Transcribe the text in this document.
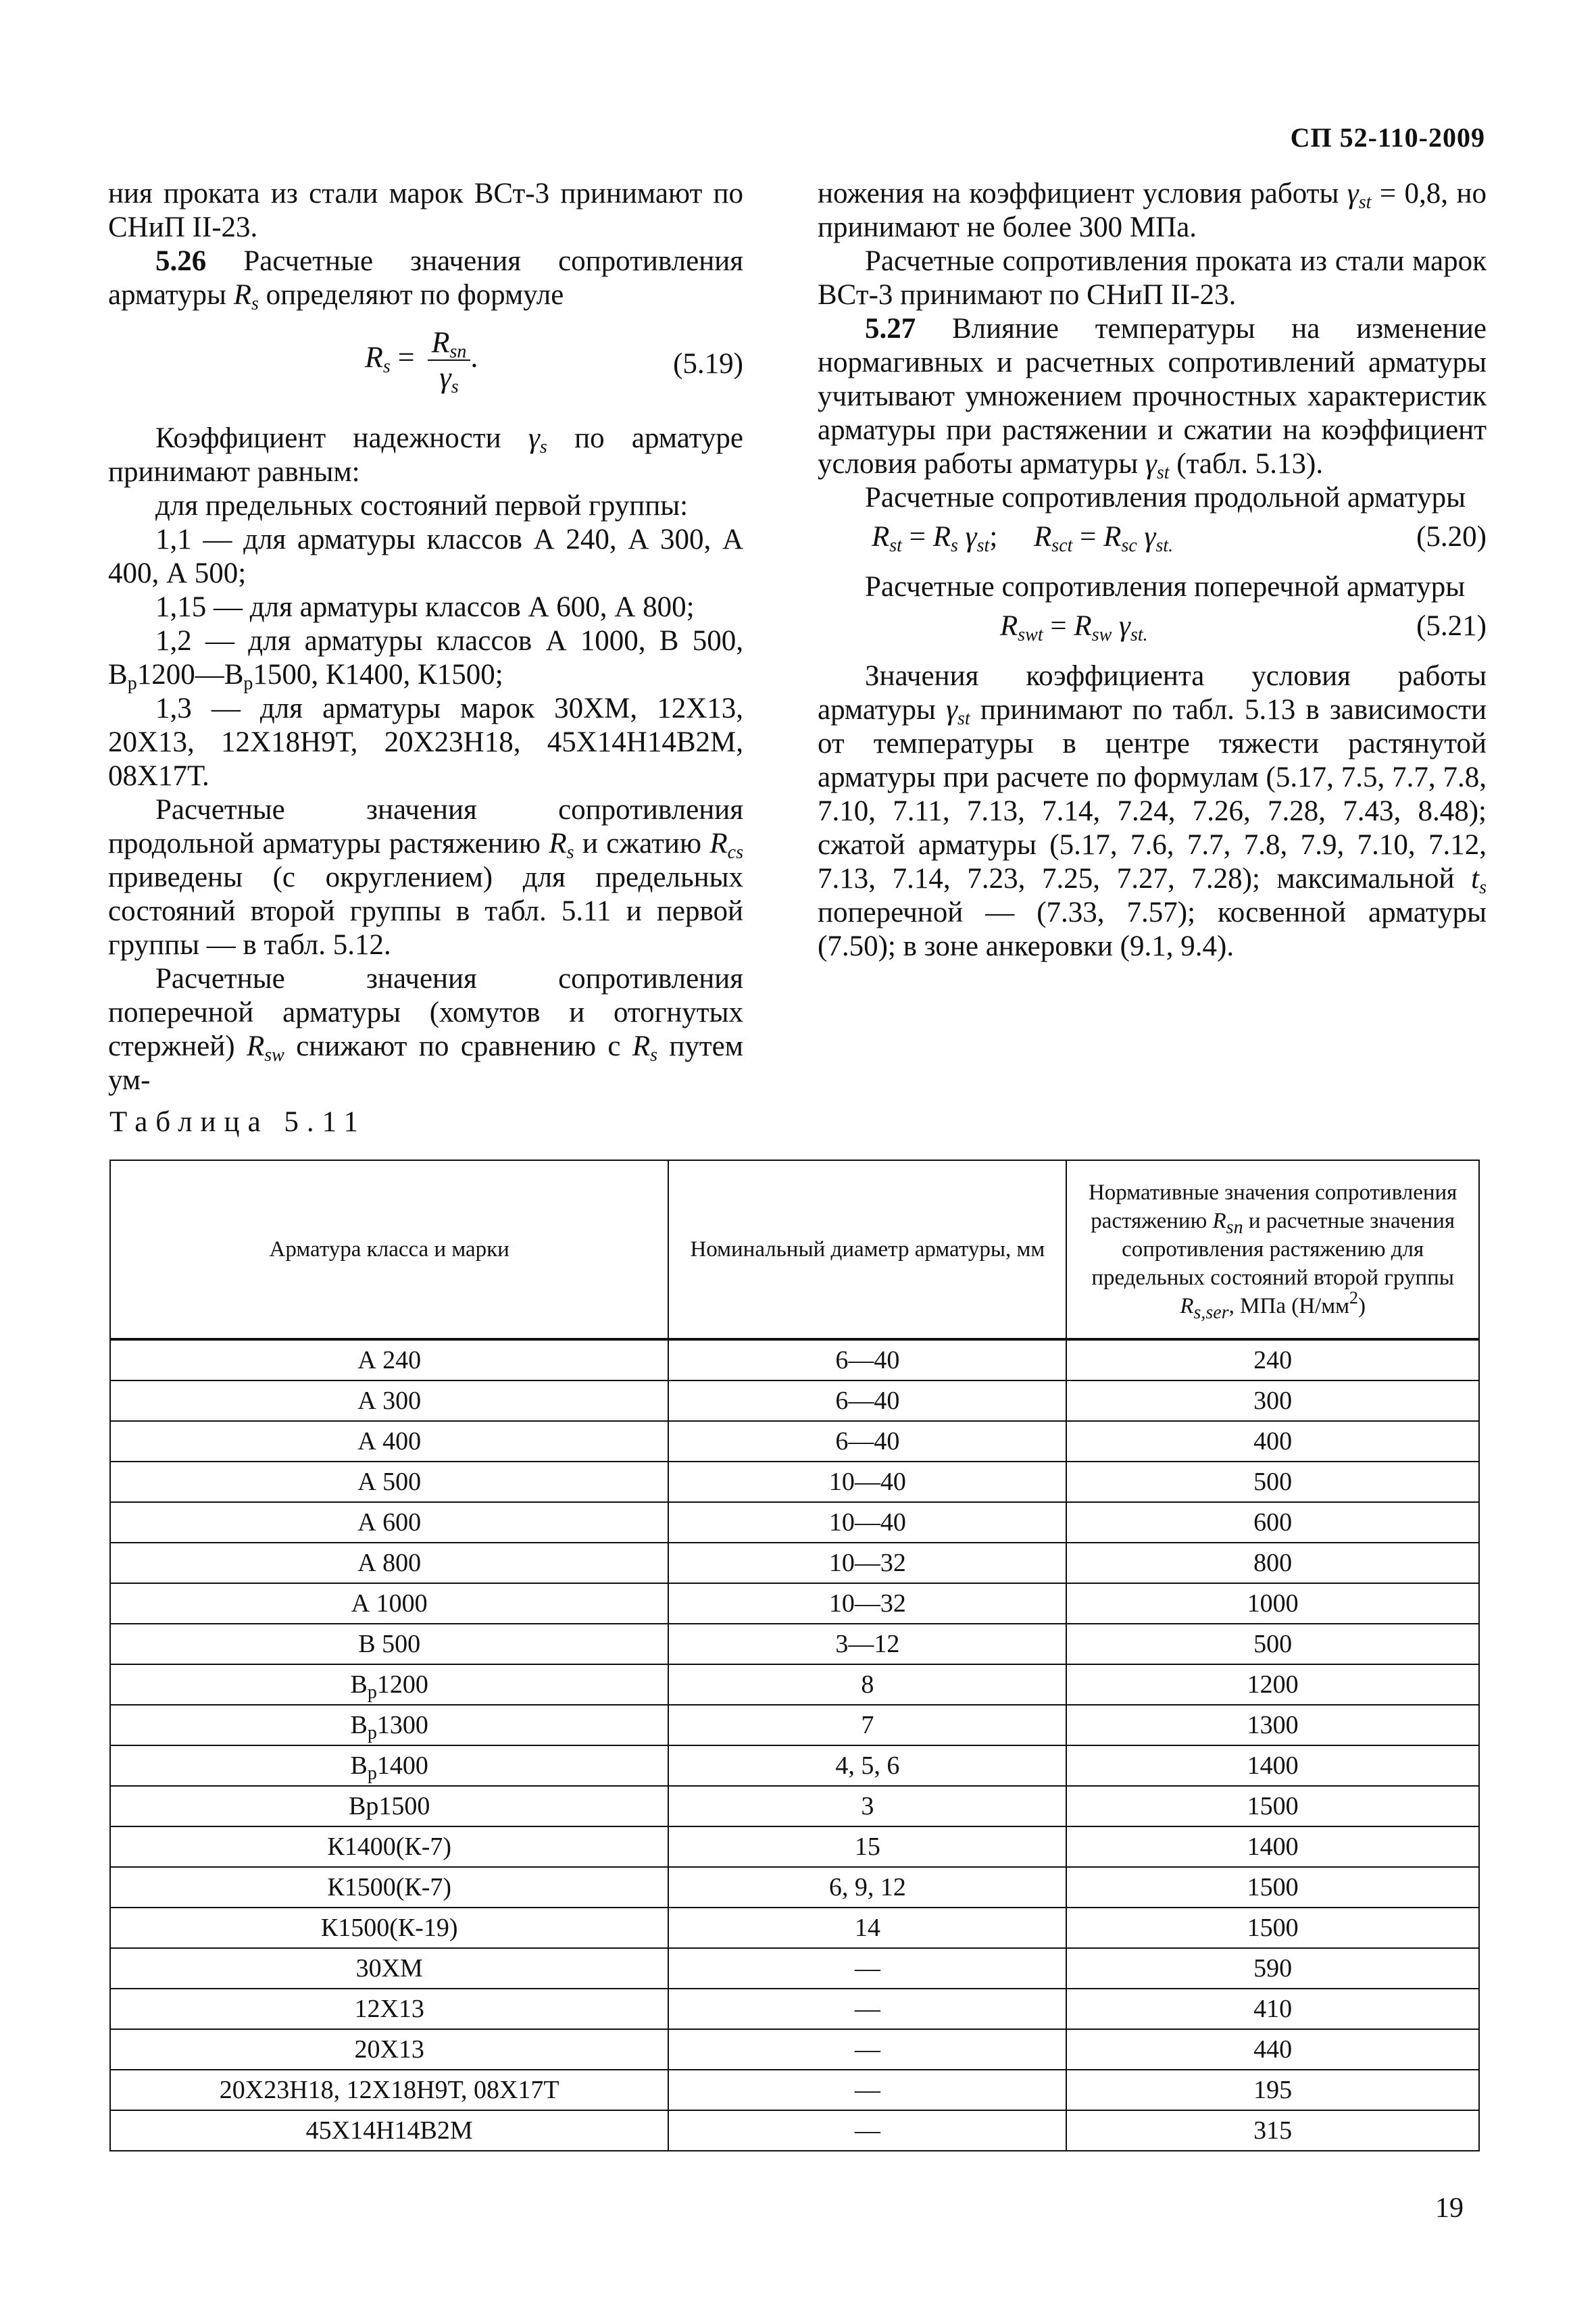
СП 52-110-2009

ния проката из стали марок ВСт-3 принимают по СНиП II-23.

5.26 Расчетные значения сопротивления арматуры $R_s$ определяют по формуле

$R_s = \frac{R_{sn}}{\gamma_s}$ .	(5.19)

Коэффициент надежности $\gamma_s$ по арматуре принимают равным:

для предельных состояний первой группы:

1,1 — для арматуры классов А 240, А 300, А 400, А 500;

1,15 — для арматуры классов А 600, А 800;

1,2 — для арматуры классов А 1000, В 500, $В_р1200—В_р1500$, К1400, К1500;

1,3 — для арматуры марок 30ХМ, 12Х13, 20Х13, 12Х18Н9Т, 20Х23Н18, 45Х14Н14В2М, 08Х17Т.

Расчетные значения сопротивления продольной арматуры растяжению $R_s$ и сжатию $R_{cs}$ приведены (с округлением) для предельных состояний второй группы в табл. 5.11 и первой группы — в табл. 5.12.

Расчетные значения сопротивления поперечной арматуры (хомутов и отогнутых стержней) $R_{sw}$ снижают по сравнению с $R_s$ путем ум-

ножения на коэффициент условия работы $\gamma_{st} = 0,8$, но принимают не более 300 МПа.

Расчетные сопротивления проката из стали марок ВСт-3 принимают по СНиП II-23.

5.27 Влияние температуры на изменение нормагивных и расчетных сопротивлений арматуры учитывают умножением прочностных характеристик арматуры при растяжении и сжатии на коэффициент условия работы арматуры $\gamma_{st}$ (табл. 5.13).

Расчетные сопротивления продольной арматуры

$R_{st} = R_s$ $\gamma_{st}$;     $R_{sct} = R_{sc}$ $\gamma_{st.}$	(5.20)

Расчетные сопротивления поперечной арматуры

$R_{swt} = R_{sw}$ $\gamma_{st.}$	(5.21)

Значения коэффициента условия работы арматуры $\gamma_{st}$ принимают по табл. 5.13 в зависимости от температуры в центре тяжести растянутой арматуры при расчете по формулам (5.17, 7.5, 7.7, 7.8, 7.10, 7.11, 7.13, 7.14, 7.24, 7.26, 7.28, 7.43, 8.48); сжатой арматуры (5.17, 7.6, 7.7, 7.8, 7.9, 7.10, 7.12, 7.13, 7.14, 7.23, 7.25, 7.27, 7.28); максимальной $t_s$ поперечной — (7.33, 7.57); косвенной арматуры (7.50); в зоне анкеровки (9.1, 9.4).

Таблица 5.11
Арматура класса и марки	Номинальный диаметр арматуры, мм	Нормативные значения сопротивления растяжению $R_{sn}$ и расчетные значения сопротивления растяжению для предельных состояний второй группы $R_{s,ser}$, МПа $(Н/мм^2)$
А 240	6—40	240
А 300	6—40	300
А 400	6—40	400
А 500	10—40	500
А 600	10—40	600
А 800	10—32	800
А 1000	10—32	1000
В 500	3—12	500
$В_р1200$	8	1200
$В_р1300$	7	1300
$В_р1400$	4, 5, 6	1400
Вр1500	3	1500
К1400(К-7)	15	1400
К1500(К-7)	6, 9, 12	1500
К1500(К-19)	14	1500
30ХМ	—	590
12Х13	—	410
20Х13	—	440
20Х23Н18, 12Х18Н9Т, 08Х17Т	—	195
45Х14Н14В2М	—	315
19
